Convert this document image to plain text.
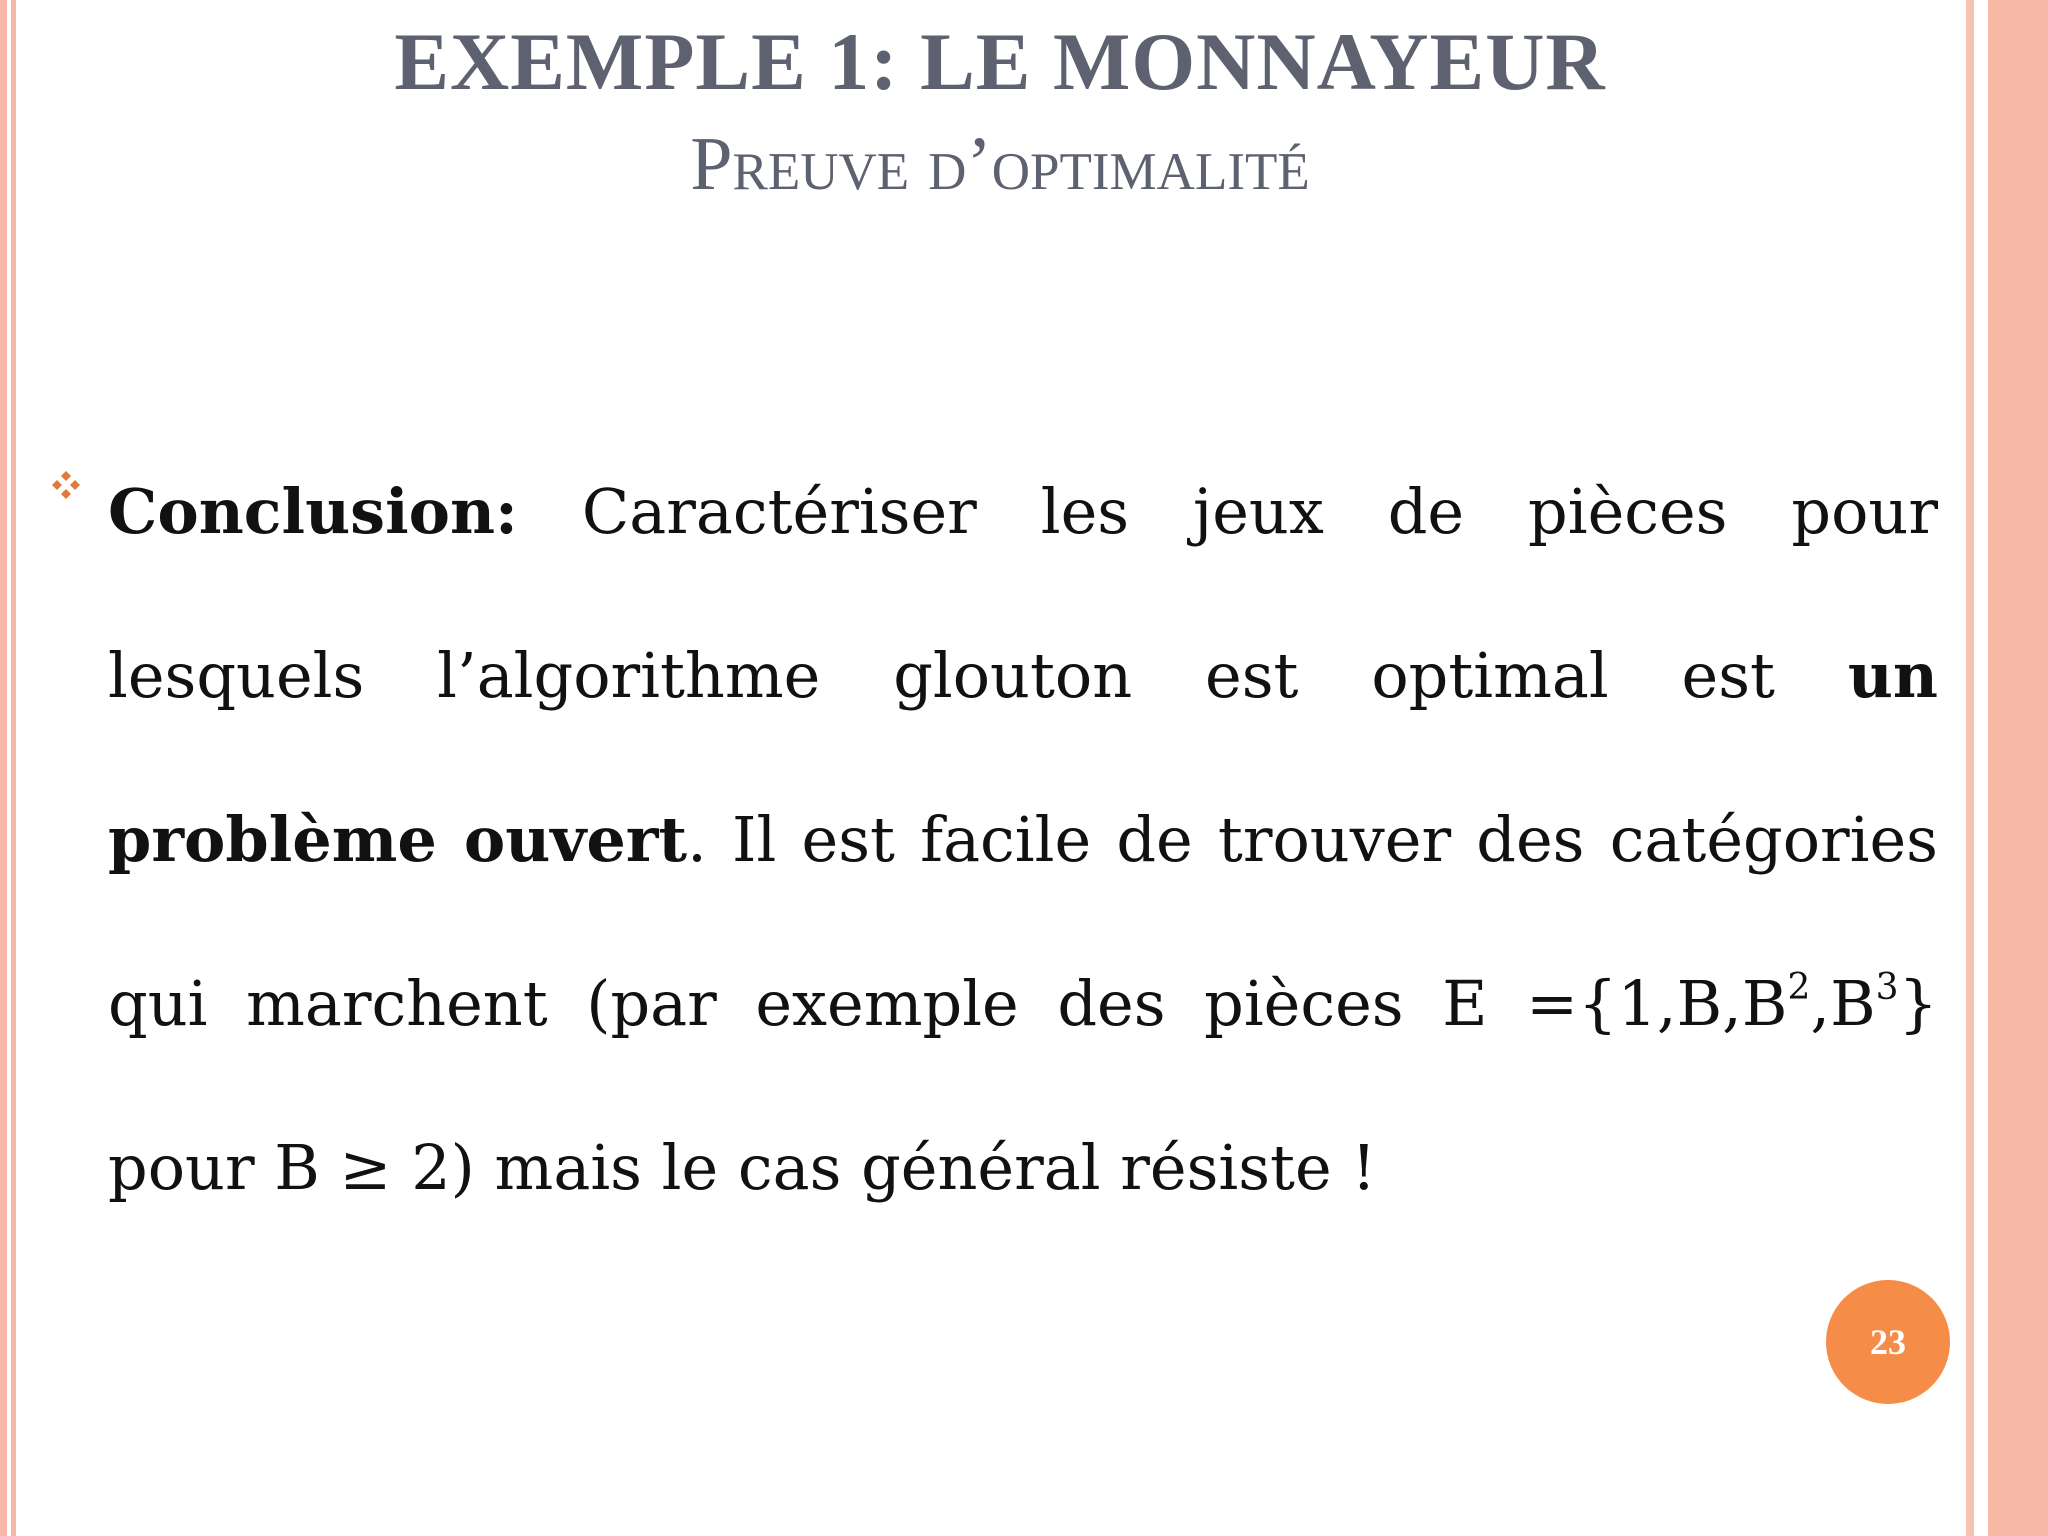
EXEMPLE 1: LE MONNAYEUR
Preuve d’optimalité
Conclusion: Caractériser les jeux de pièces pour lesquels l’algorithme glouton est optimal est un problème ouvert. Il est facile de trouver des catégories qui marchent (par exemple des pièces $E =\{1,B,B^2,B^3\}$ pour B ≥ 2) mais le cas général résiste !
23
